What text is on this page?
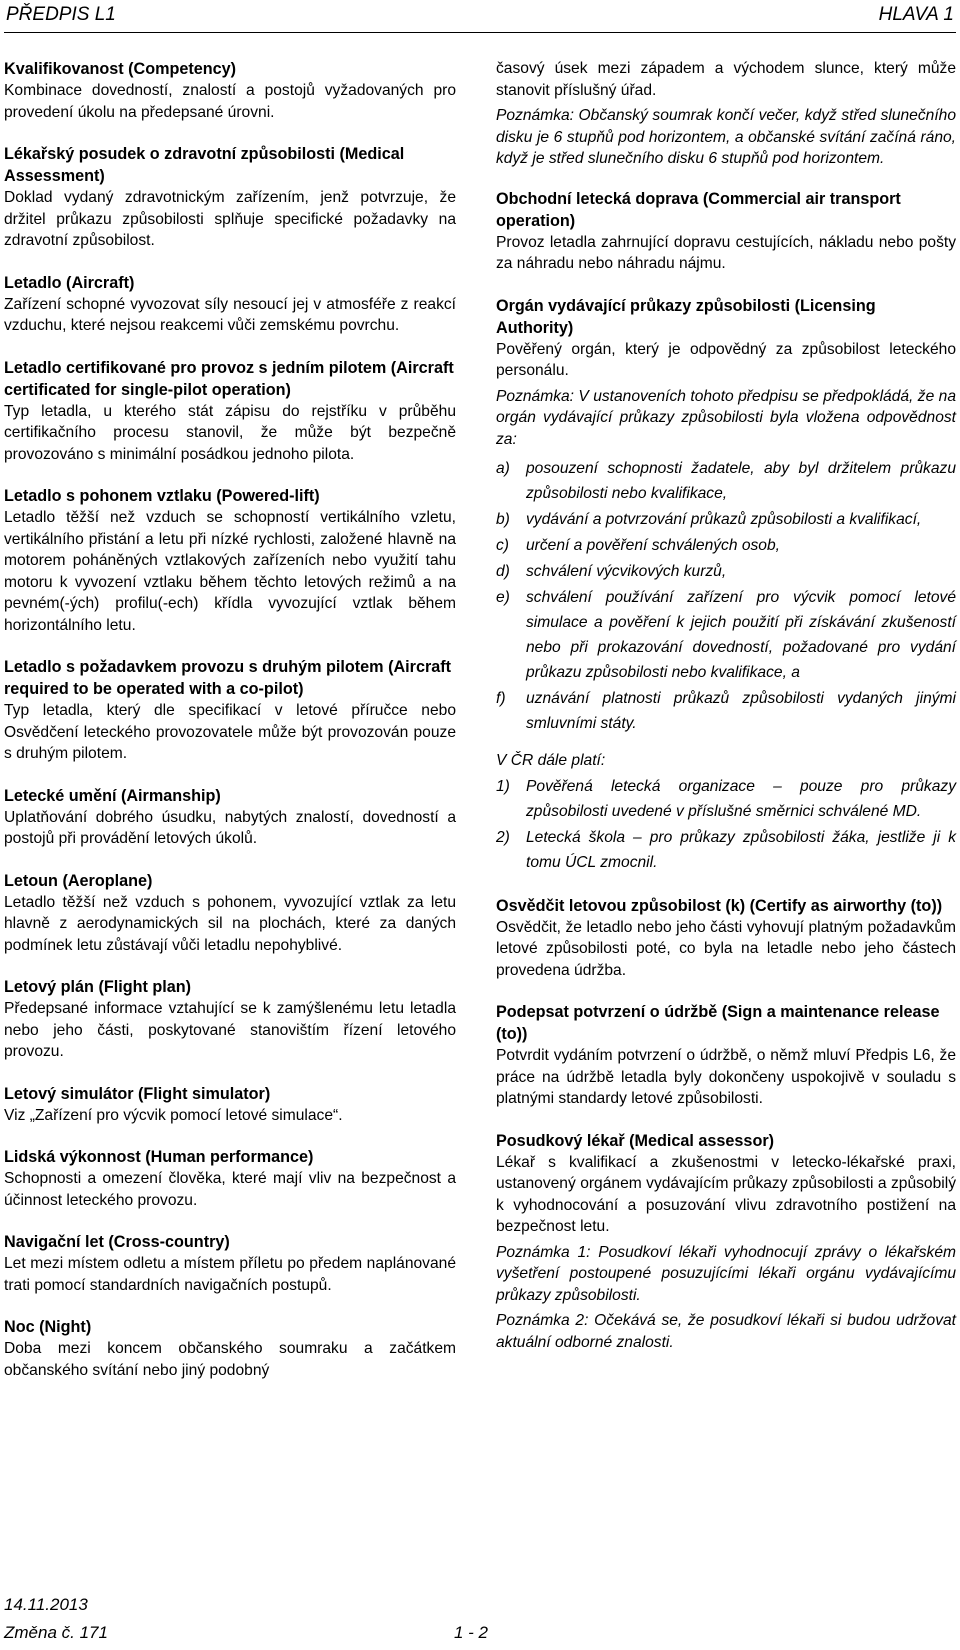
PŘEDPIS L1	HLAVA 1
Kvalifikovanost (Competency)
Kombinace dovedností, znalostí a postojů vyžadovaných pro provedení úkolu na předepsané úrovni.
Lékařský posudek o zdravotní způsobilosti (Medical Assessment)
Doklad vydaný zdravotnickým zařízením, jenž potvrzuje, že držitel průkazu způsobilosti splňuje specifické požadavky na zdravotní způsobilost.
Letadlo (Aircraft)
Zařízení schopné vyvozovat síly nesoucí jej v atmosféře z reakcí vzduchu, které nejsou reakcemi vůči zemskému povrchu.
Letadlo certifikované pro provoz s jedním pilotem (Aircraft certificated for single-pilot operation)
Typ letadla, u kterého stát zápisu do rejstříku v průběhu certifikačního procesu stanovil, že může být bezpečně provozováno s minimální posádkou jednoho pilota.
Letadlo s pohonem vztlaku (Powered-lift)
Letadlo těžší než vzduch se schopností vertikálního vzletu, vertikálního přistání a letu při nízké rychlosti, založené hlavně na motorem poháněných vztlakových zařízeních nebo využití tahu motoru k vyvození vztlaku během těchto letových režimů a na pevném(-ých) profilu(-ech) křídla vyvozující vztlak během horizontálního letu.
Letadlo s požadavkem provozu s druhým pilotem (Aircraft required to be operated with a co-pilot)
Typ letadla, který dle specifikací v letové příručce nebo Osvědčení leteckého provozovatele může být provozován pouze s druhým pilotem.
Letecké umění (Airmanship)
Uplatňování dobrého úsudku, nabytých znalostí, dovedností a postojů při provádění letových úkolů.
Letoun (Aeroplane)
Letadlo těžší než vzduch s pohonem, vyvozující vztlak za letu hlavně z aerodynamických sil na plochách, které za daných podmínek letu zůstávají vůči letadlu nepohyblivé.
Letový plán (Flight plan)
Předepsané informace vztahující se k zamýšlenému letu letadla nebo jeho části, poskytované stanovištím řízení letového provozu.
Letový simulátor (Flight simulator)
Viz „Zařízení pro výcvik pomocí letové simulace“.
Lidská výkonnost (Human performance)
Schopnosti a omezení člověka, které mají vliv na bezpečnost a účinnost leteckého provozu.
Navigační let (Cross-country)
Let mezi místem odletu a místem příletu po předem naplánované trati pomocí standardních navigačních postupů.
Noc (Night)
Doba mezi koncem občanského soumraku a začátkem občanského svítání nebo jiný podobný
časový úsek mezi západem a východem slunce, který může stanovit příslušný úřad.
Poznámka: Občanský soumrak končí večer, když střed slunečního disku je 6 stupňů pod horizontem, a občanské svítání začíná ráno, když je střed slunečního disku 6 stupňů pod horizontem.
Obchodní letecká doprava (Commercial air transport operation)
Provoz letadla zahrnující dopravu cestujících, nákladu nebo pošty za náhradu nebo náhradu nájmu.
Orgán vydávající průkazy způsobilosti (Licensing Authority)
Pověřený orgán, který je odpovědný za způsobilost leteckého personálu.
Poznámka: V ustanoveních tohoto předpisu se předpokládá, že na orgán vydávající průkazy způsobilosti byla vložena odpovědnost za:
a) posouzení schopnosti žadatele, aby byl držitelem průkazu způsobilosti nebo kvalifikace,
b) vydávání a potvrzování průkazů způsobilosti a kvalifikací,
c) určení a pověření schválených osob,
d) schválení výcvikových kurzů,
e) schválení používání zařízení pro výcvik pomocí letové simulace a pověření k jejich použití při získávání zkušeností nebo při prokazování dovedností, požadované pro vydání průkazu způsobilosti nebo kvalifikace, a
f) uznávání platnosti průkazů způsobilosti vydaných jinými smluvními státy.
V ČR dále platí:
1) Pověřená letecká organizace – pouze pro průkazy způsobilosti uvedené v příslušné směrnici schválené MD.
2) Letecká škola – pro průkazy způsobilosti žáka, jestliže ji k tomu ÚCL zmocnil.
Osvědčit letovou způsobilost (k) (Certify as airworthy (to))
Osvědčit, že letadlo nebo jeho části vyhovují platným požadavkům letové způsobilosti poté, co byla na letadle nebo jeho částech provedena údržba.
Podepsat potvrzení o údržbě (Sign a maintenance release (to))
Potvrdit vydáním potvrzení o údržbě, o němž mluví Předpis L6, že práce na údržbě letadla byly dokončeny uspokojivě v souladu s platnými standardy letové způsobilosti.
Posudkový lékař (Medical assessor)
Lékař s kvalifikací a zkušenostmi v letecko-lékařské praxi, ustanovený orgánem vydávajícím průkazy způsobilosti a způsobilý k vyhodnocování a posuzování vlivu zdravotního postižení na bezpečnost letu.
Poznámka 1: Posudkoví lékaři vyhodnocují zprávy o lékařském vyšetření postoupené posuzujícími lékaři orgánu vydávajícímu průkazy způsobilosti.
Poznámka 2: Očekává se, že posudkoví lékaři si budou udržovat aktuální odborné znalosti.
14.11.2013
Změna č. 171	1 - 2
